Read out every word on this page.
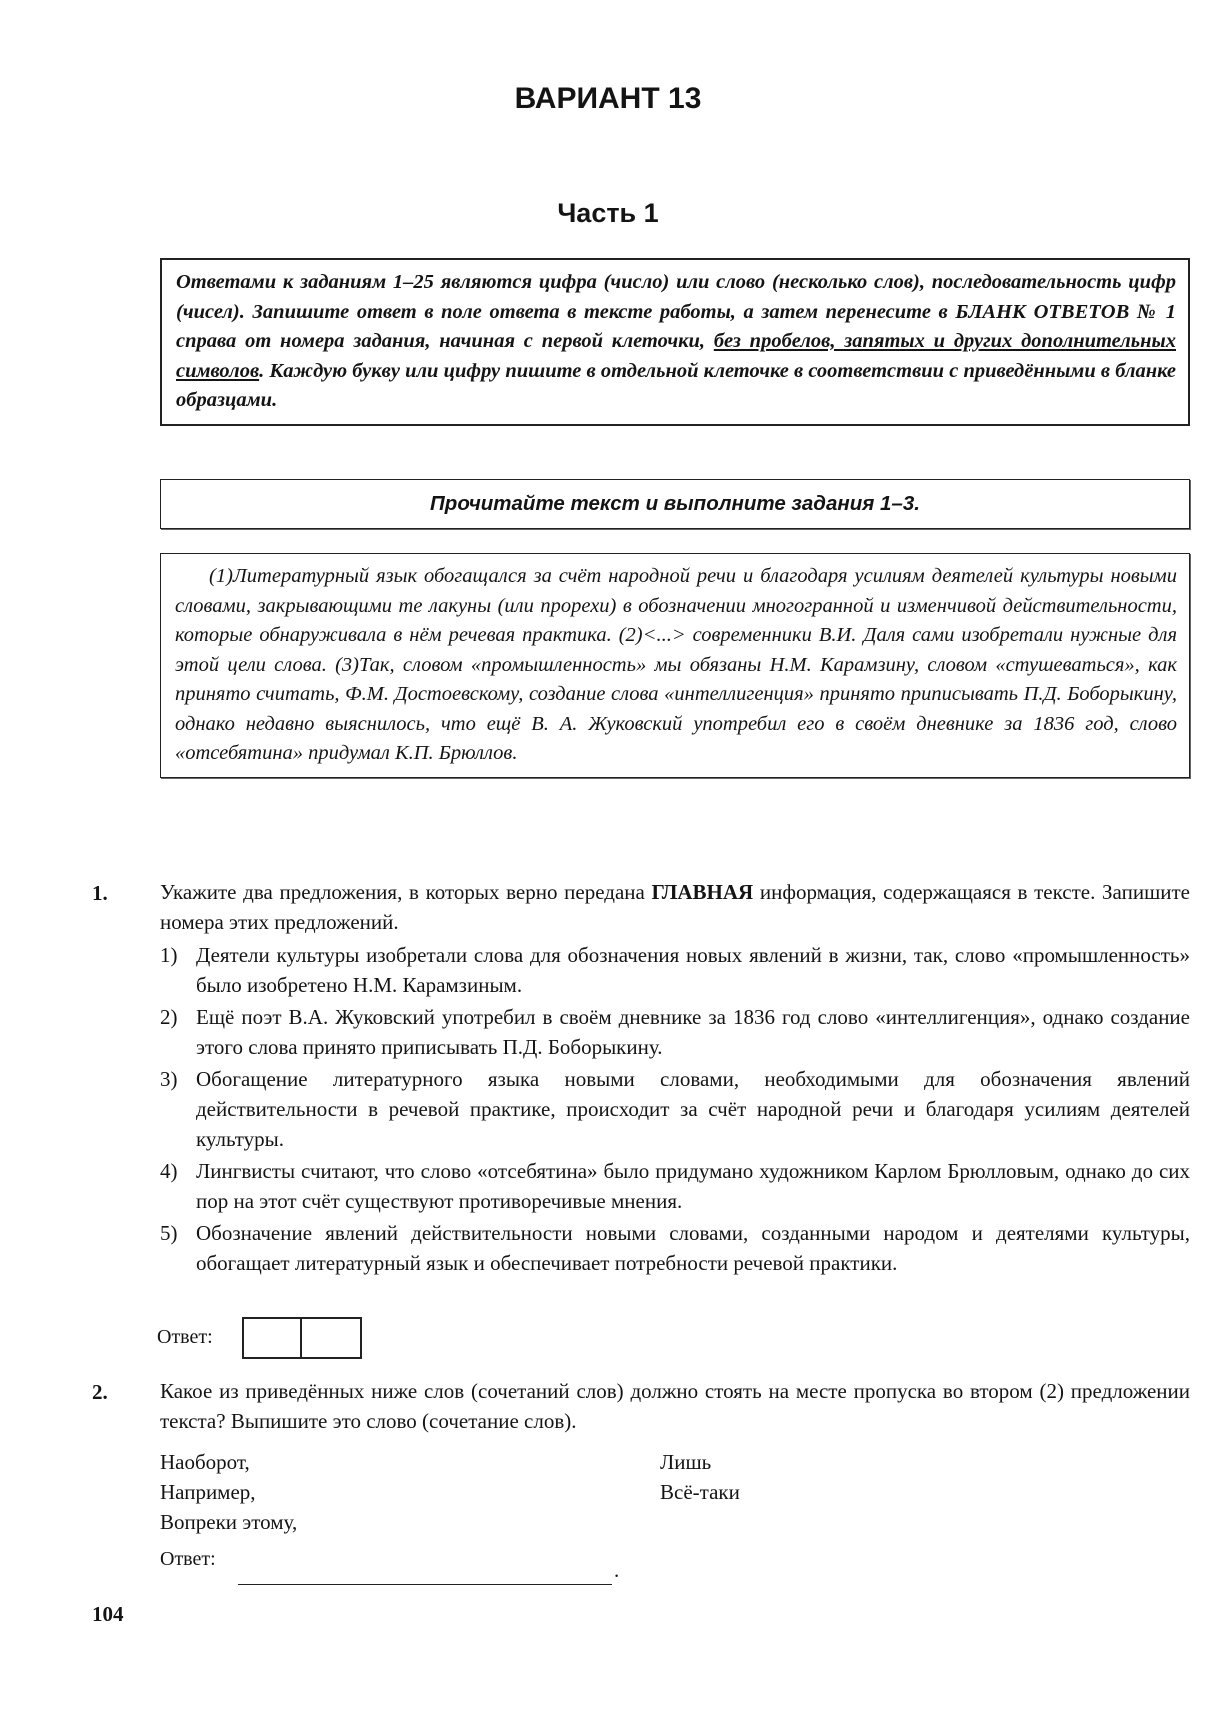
ВАРИАНТ 13
Часть 1
Ответами к заданиям 1–25 являются цифра (число) или слово (несколько слов), последовательность цифр (чисел). Запишите ответ в поле ответа в тексте работы, а затем перенесите в БЛАНК ОТВЕТОВ № 1 справа от номера задания, начиная с первой клеточки, без пробелов, запятых и других дополнительных символов. Каждую букву или цифру пишите в отдельной клеточке в соответствии с приведёнными в бланке образцами.
Прочитайте текст и выполните задания 1–3.
(1)Литературный язык обогащался за счёт народной речи и благодаря усилиям деятелей культуры новыми словами, закрывающими те лакуны (или прорехи) в обозначении многогранной и изменчивой действительности, которые обнаруживала в нём речевая практика. (2)<...> современники В.И. Даля сами изобретали нужные для этой цели слова. (3)Так, словом «промышленность» мы обязаны Н.М. Карамзину, словом «стушеваться», как принято считать, Ф.М. Достоевскому, создание слова «интеллигенция» принято приписывать П.Д. Боборыкину, однако недавно выяснилось, что ещё В. А. Жуковский употребил его в своём дневнике за 1836 год, слово «отсебятина» придумал К.П. Брюллов.
1. Укажите два предложения, в которых верно передана ГЛАВНАЯ информация, содержащаяся в тексте. Запишите номера этих предложений.
1) Деятели культуры изобретали слова для обозначения новых явлений в жизни, так, слово «промышленность» было изобретено Н.М. Карамзиным.
2) Ещё поэт В.А. Жуковский употребил в своём дневнике за 1836 год слово «интеллигенция», однако создание этого слова принято приписывать П.Д. Боборыкину.
3) Обогащение литературного языка новыми словами, необходимыми для обозначения явлений действительности в речевой практике, происходит за счёт народной речи и благодаря усилиям деятелей культуры.
4) Лингвисты считают, что слово «отсебятина» было придумано художником Карлом Брюлловым, однако до сих пор на этот счёт существуют противоречивые мнения.
5) Обозначение явлений действительности новыми словами, созданными народом и деятелями культуры, обогащает литературный язык и обеспечивает потребности речевой практики.
Ответ:
2. Какое из приведённых ниже слов (сочетаний слов) должно стоять на месте пропуска во втором (2) предложении текста? Выпишите это слово (сочетание слов).
Наоборот,
Например,
Вопреки этому,
Лишь
Всё-таки
Ответ:	.
104
